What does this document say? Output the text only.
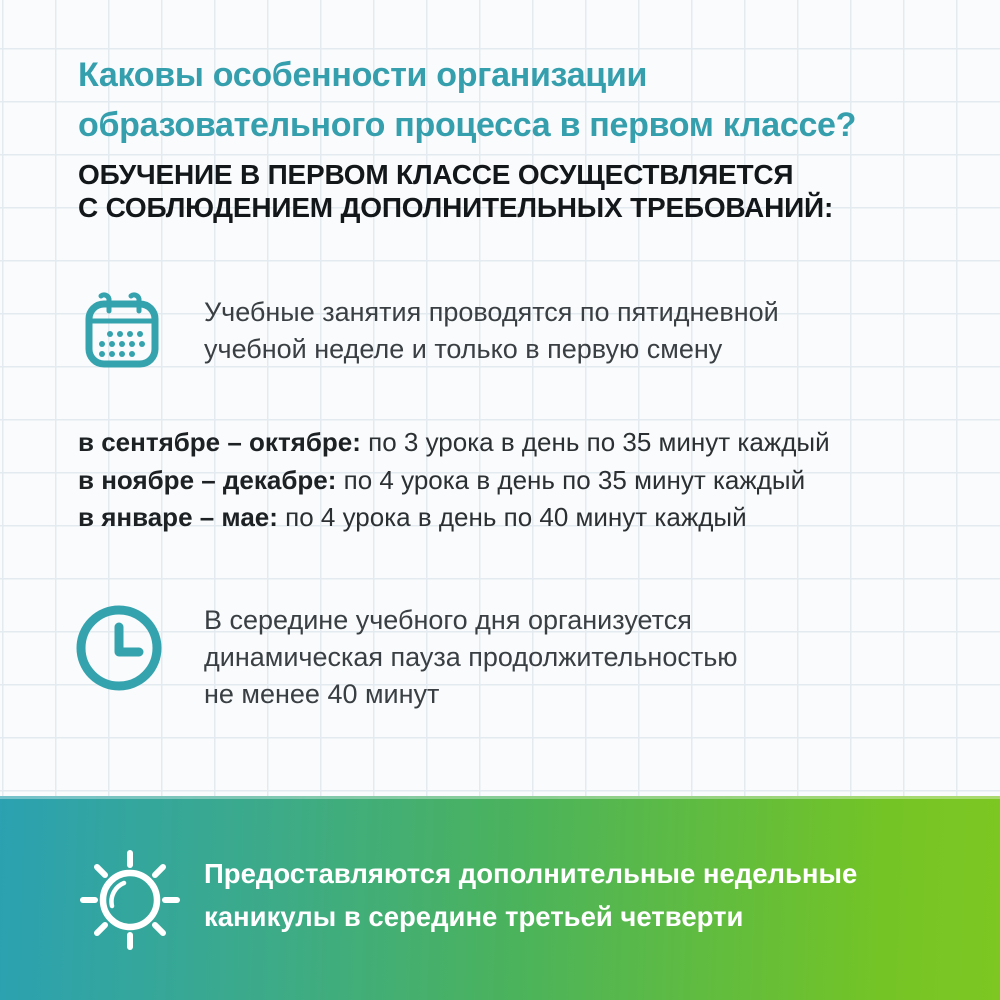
Каковы особенности организации
образовательного процесса в первом классе?
ОБУЧЕНИЕ В ПЕРВОМ КЛАССЕ ОСУЩЕСТВЛЯЕТСЯ
С СОБЛЮДЕНИЕМ ДОПОЛНИТЕЛЬНЫХ ТРЕБОВАНИЙ:
Учебные занятия проводятся по пятидневной
учебной неделе и только в первую смену
в сентябре – октябре: по 3 урока в день по 35 минут каждый
в ноябре – декабре: по 4 урока в день по 35 минут каждый
в январе – мае: по 4 урока в день по 40 минут каждый
В середине учебного дня организуется
динамическая пауза продолжительностью
не менее 40 минут
Предоставляются дополнительные недельные
каникулы в середине третьей четверти
